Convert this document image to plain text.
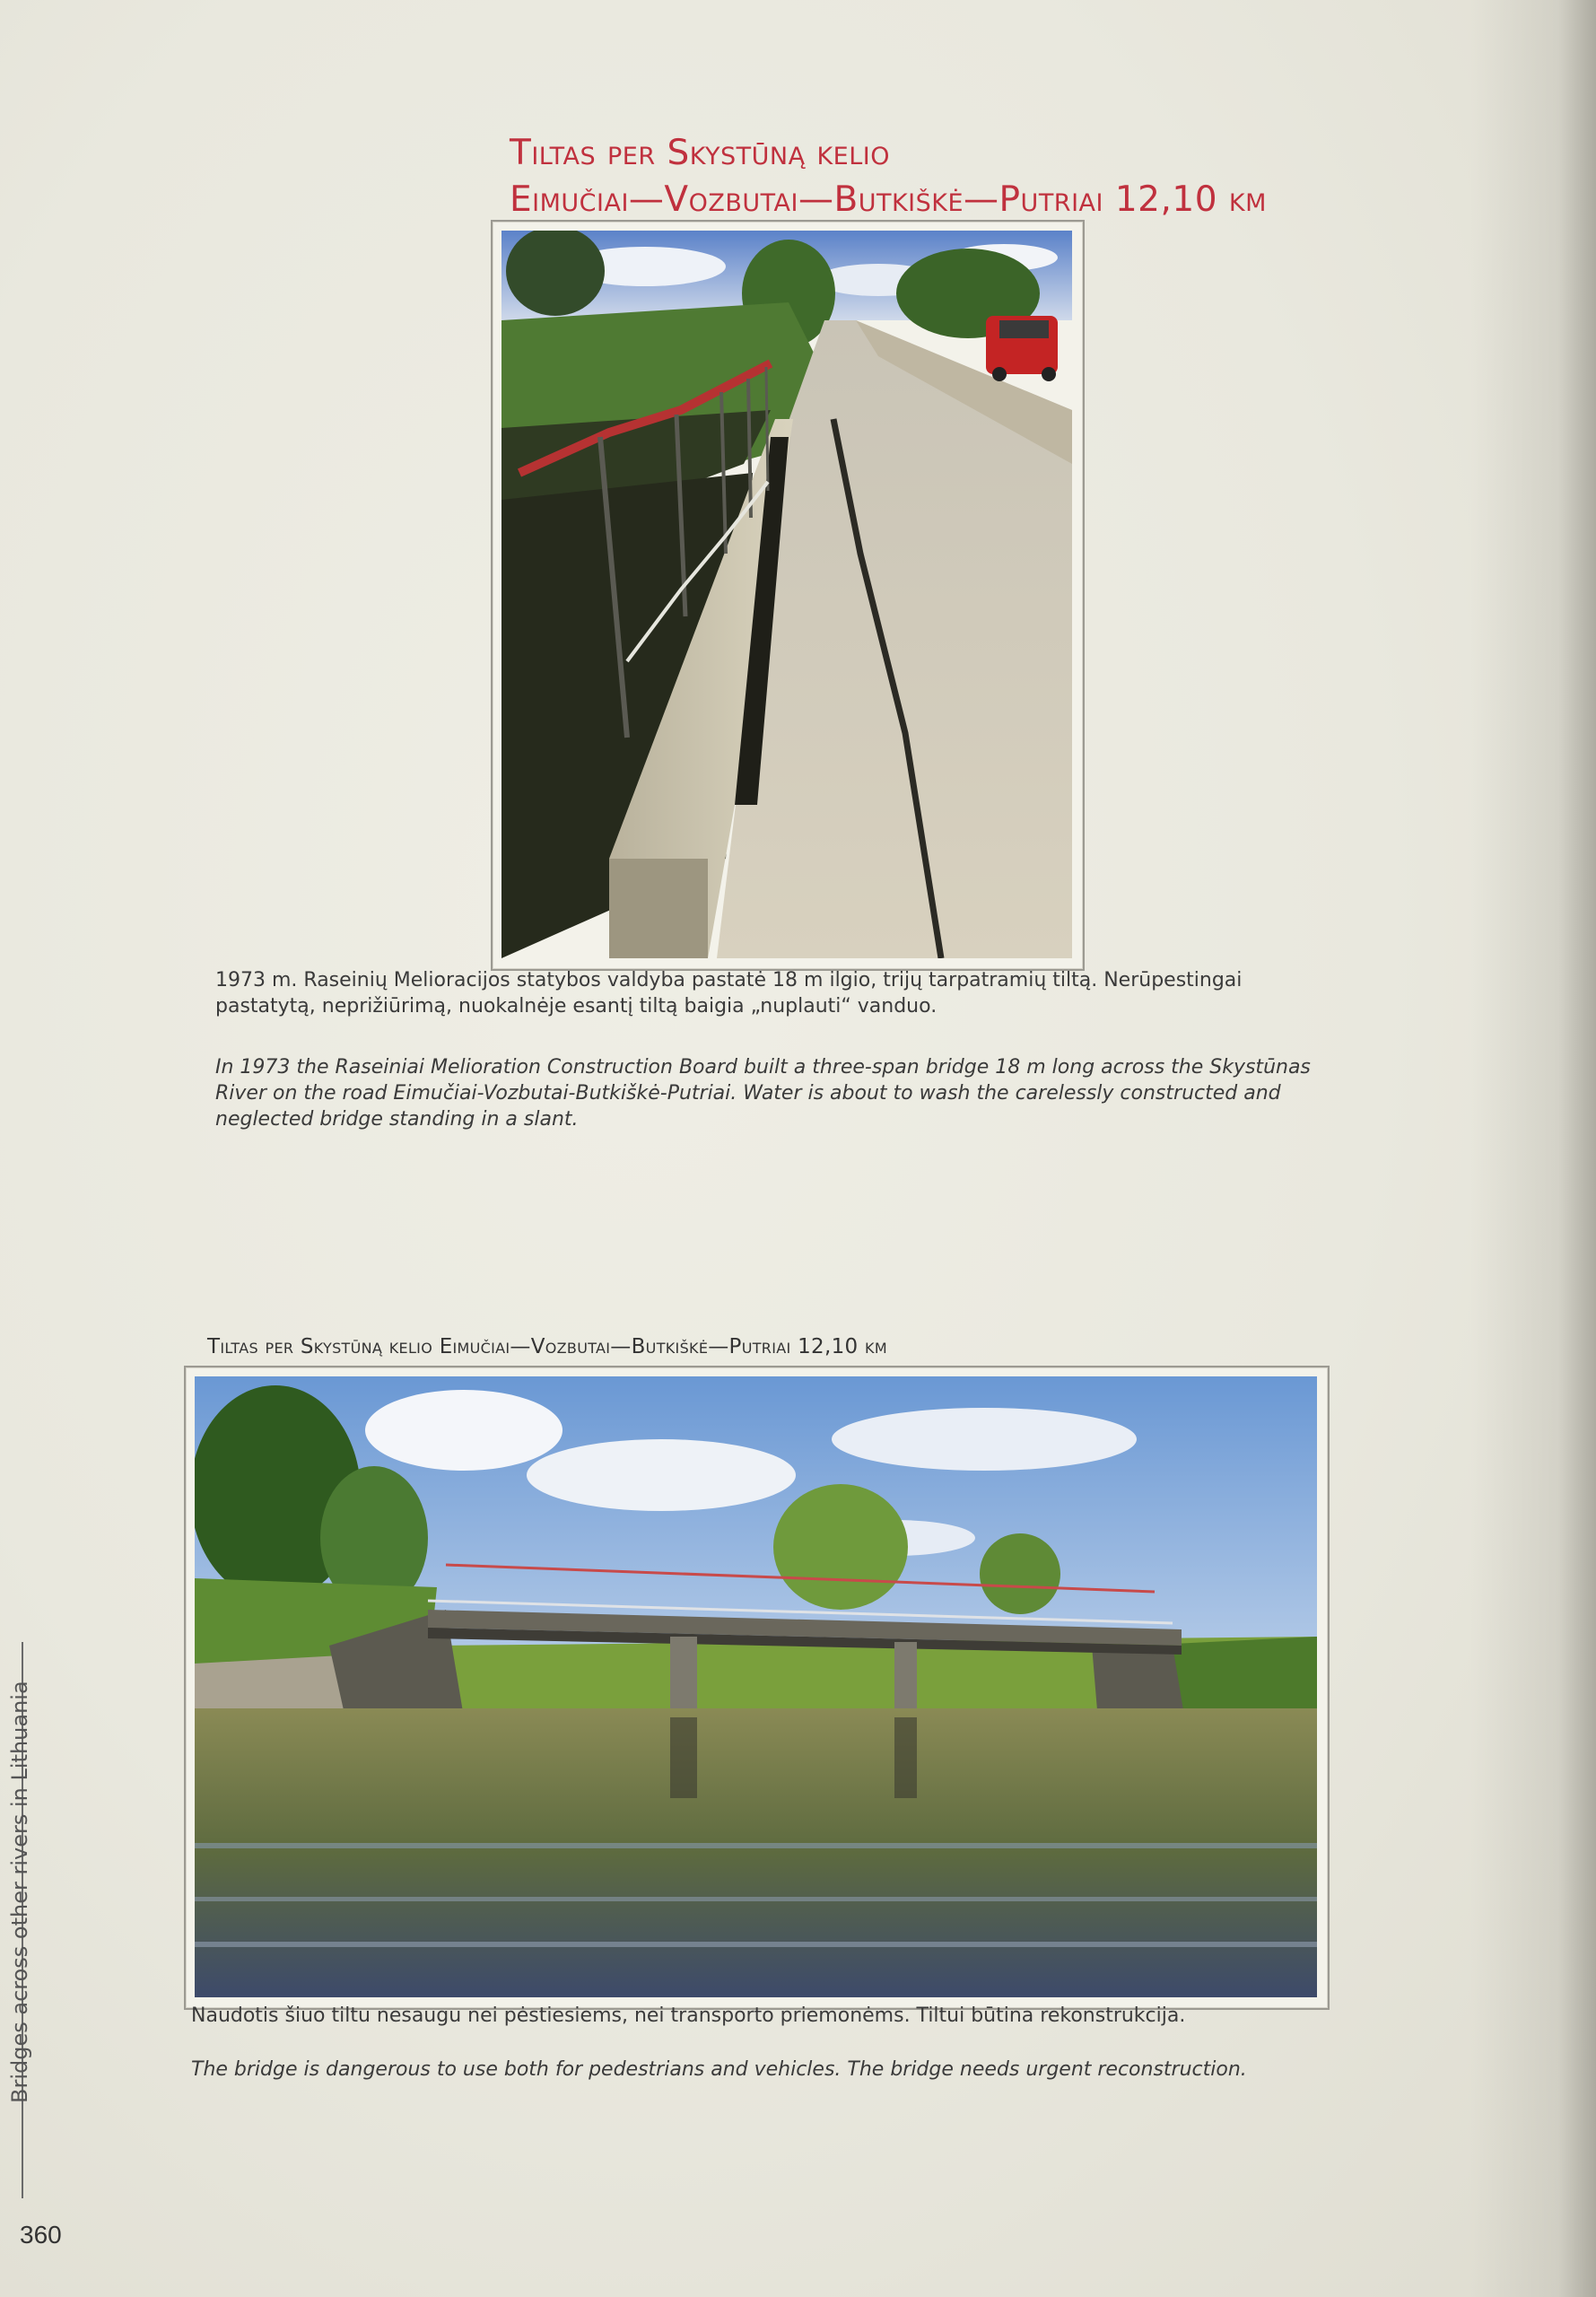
Tiltas per Skystūną kelio
Eimučiai—Vozbutai—Butkiškė—Putriai 12,10 km
1973 m. Raseinių Melioracijos statybos valdyba pastatė 18 m ilgio, trijų tarpatramių tiltą. Nerūpestingai pastatytą, neprižiūrimą, nuokalnėje esantį tiltą baigia „nuplauti“ vanduo.
In 1973 the Raseiniai Melioration Construction Board built a three-span bridge 18 m long across the Skystūnas River on the road Eimučiai-Vozbutai-Butkiškė-Putriai. Water is about to wash the carelessly constructed and neglected bridge standing in a slant.
Tiltas per Skystūną kelio Eimučiai—Vozbutai—Butkiškė—Putriai 12,10 km
Naudotis šiuo tiltu nesaugu nei pėstiesiems, nei transporto priemonėms. Tiltui būtina rekonstrukcija.
The bridge is dangerous to use both for pedestrians and vehicles. The bridge needs urgent reconstruction.
Bridges across other rivers in Lithuania
360
